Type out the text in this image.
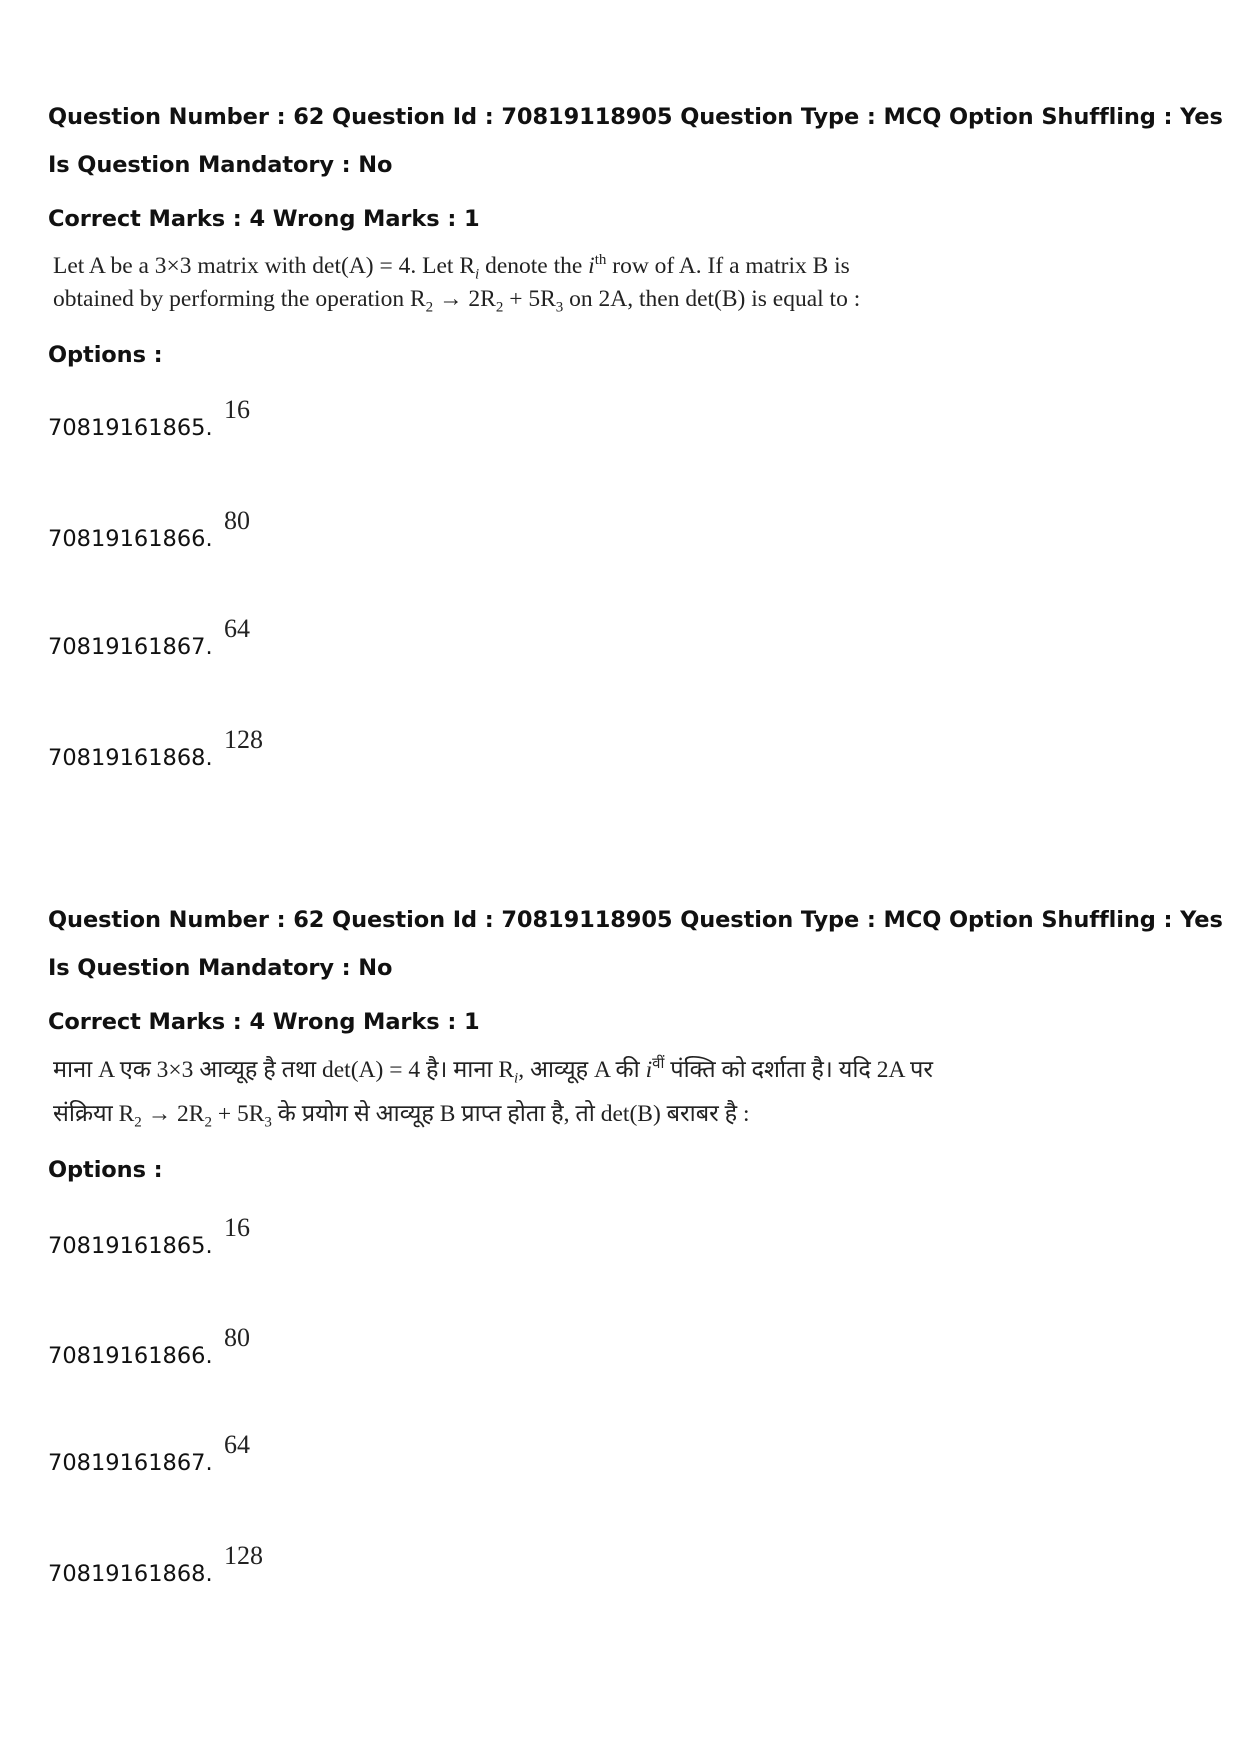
Question Number : 62 Question Id : 70819118905 Question Type : MCQ Option Shuffling : Yes
Is Question Mandatory : No
Correct Marks : 4 Wrong Marks : 1
Let A be a 3×3 matrix with det(A) = 4. Let $R_i$ denote the $i^{th}$ row of A. If a matrix B is
obtained by performing the operation $R_2 \to 2R_2 + 5R_3$ on 2A, then det(B) is equal to :
Options :
70819161865.
16
70819161866.
80
70819161867.
64
70819161868.
128
Question Number : 62 Question Id : 70819118905 Question Type : MCQ Option Shuffling : Yes
Is Question Mandatory : No
Correct Marks : 4 Wrong Marks : 1
माना A एक 3×3 आव्यूह है तथा det(A) = 4 है। माना $R_i$, आव्यूह A की $i^{वीं}$ पंक्ति को दर्शाता है। यदि 2A पर
संक्रिया $R_2 \to 2R_2 + 5R_3$ के प्रयोग से आव्यूह B प्राप्त होता है, तो det(B) बराबर है :
Options :
70819161865.
16
70819161866.
80
70819161867.
64
70819161868.
128
